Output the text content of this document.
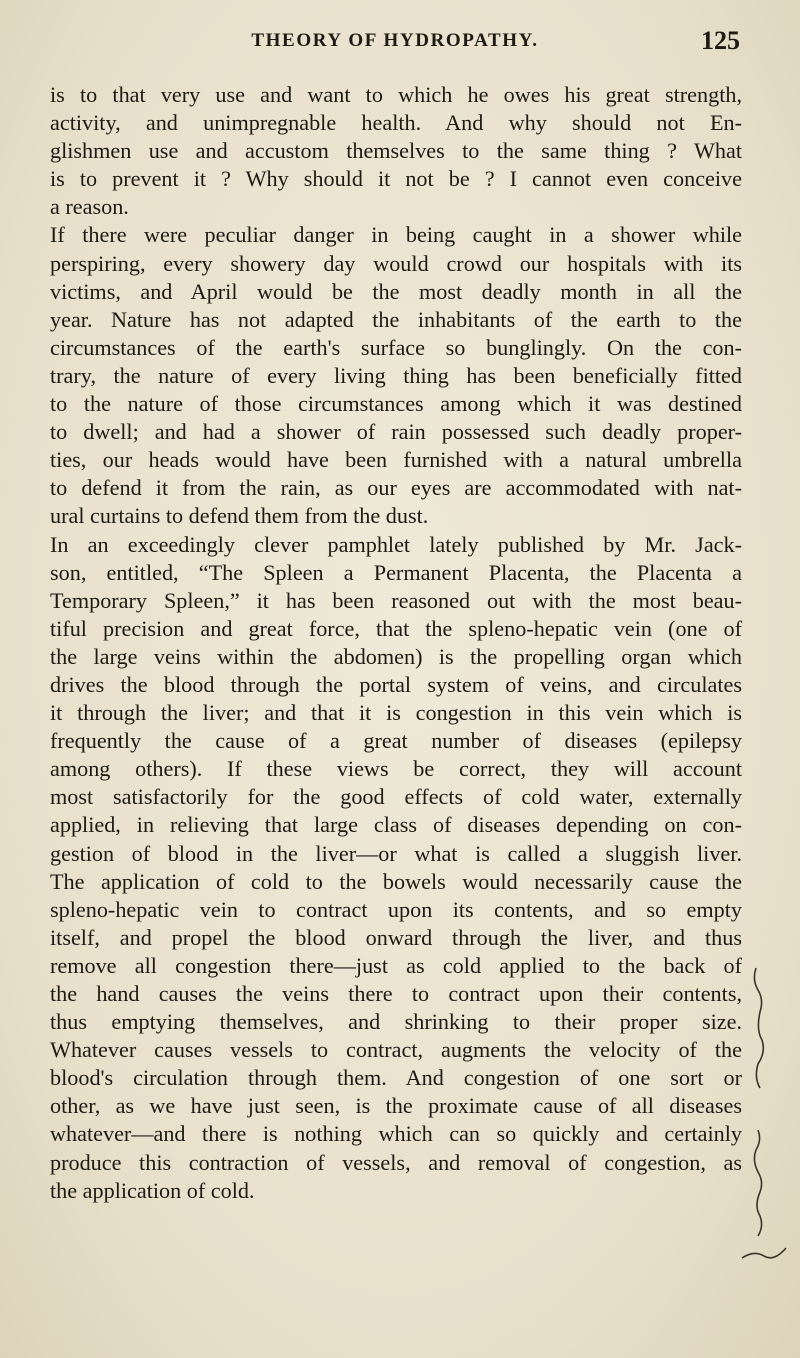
THEORY OF HYDROPATHY.	125
is to that very use and want to which he owes his great strength,
activity, and unimpregnable health. And why should not En-
glishmen use and accustom themselves to the same thing ? What
is to prevent it ? Why should it not be ? I cannot even conceive
a reason.
If there were peculiar danger in being caught in a shower while
perspiring, every showery day would crowd our hospitals with its
victims, and April would be the most deadly month in all the
year. Nature has not adapted the inhabitants of the earth to the
circumstances of the earth's surface so bunglingly. On the con-
trary, the nature of every living thing has been beneficially fitted
to the nature of those circumstances among which it was destined
to dwell; and had a shower of rain possessed such deadly proper-
ties, our heads would have been furnished with a natural umbrella
to defend it from the rain, as our eyes are accommodated with nat-
ural curtains to defend them from the dust.
In an exceedingly clever pamphlet lately published by Mr. Jack-
son, entitled, “The Spleen a Permanent Placenta, the Placenta a
Temporary Spleen,” it has been reasoned out with the most beau-
tiful precision and great force, that the spleno-hepatic vein (one of
the large veins within the abdomen) is the propelling organ which
drives the blood through the portal system of veins, and circulates
it through the liver; and that it is congestion in this vein which is
frequently the cause of a great number of diseases (epilepsy
among others). If these views be correct, they will account
most satisfactorily for the good effects of cold water, externally
applied, in relieving that large class of diseases depending on con-
gestion of blood in the liver—or what is called a sluggish liver.
The application of cold to the bowels would necessarily cause the
spleno-hepatic vein to contract upon its contents, and so empty
itself, and propel the blood onward through the liver, and thus
remove all congestion there—just as cold applied to the back of
the hand causes the veins there to contract upon their contents,
thus emptying themselves, and shrinking to their proper size.
Whatever causes vessels to contract, augments the velocity of the
blood's circulation through them. And congestion of one sort or
other, as we have just seen, is the proximate cause of all diseases
whatever—and there is nothing which can so quickly and certainly
produce this contraction of vessels, and removal of congestion, as
the application of cold.
